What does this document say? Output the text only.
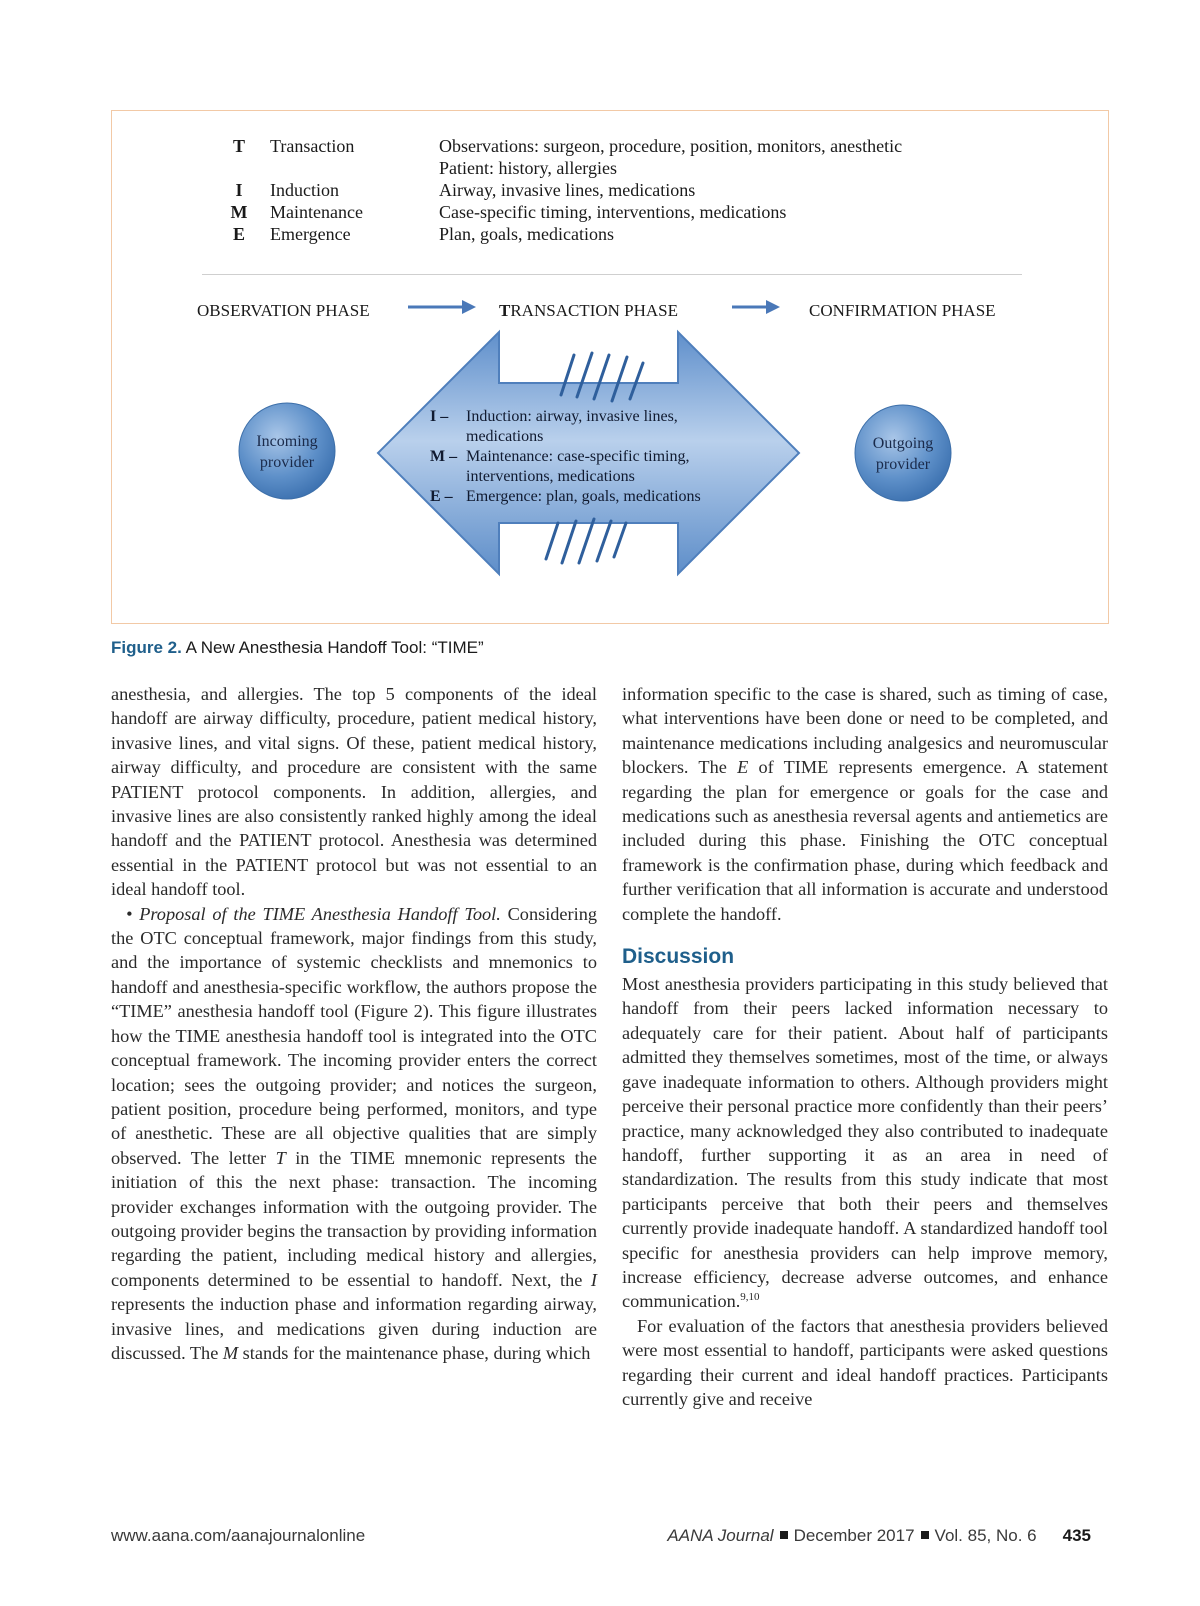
T Transaction	Observations: surgeon, procedure, position, monitors, anesthetic
Patient: history, allergies
I	Induction	Airway, invasive lines, medications
M Maintenance	Case-specific timing, interventions, medications
E Emergence	Plan, goals, medications
OBSERVATION PHASE	TRANSACTION PHASE	CONFIRMATION PHASE
Incoming
provider
Outgoing
provider
I – Induction: airway, invasive lines,
medications
M – Maintenance: case-specific timing,
interventions, medications
E – Emergence: plan, goals, medications
Figure 2. A New Anesthesia Handoff Tool: “TIME”

anesthesia, and allergies. The top 5 components of the ideal handoff are airway difficulty, procedure, patient medical history, invasive lines, and vital signs. Of these, patient medical history, airway difficulty, and procedure are consistent with the same PATIENT protocol components. In addition, allergies, and invasive lines are also consistently ranked highly among the ideal handoff and the PATIENT protocol. Anesthesia was determined essential in the PATIENT protocol but was not essential to an ideal handoff tool.

• Proposal of the TIME Anesthesia Handoff Tool. Considering the OTC conceptual framework, major findings from this study, and the importance of systemic checklists and mnemonics to handoff and anesthesia-specific workflow, the authors propose the “TIME” anesthesia handoff tool (Figure 2). This figure illustrates how the TIME anesthesia handoff tool is integrated into the OTC conceptual framework. The incoming provider enters the correct location; sees the outgoing provider; and notices the surgeon, patient position, procedure being performed, monitors, and type of anesthetic. These are all objective qualities that are simply observed. The letter T in the TIME mnemonic represents the initiation of this the next phase: transaction. The incoming provider exchanges information with the outgoing provider. The outgoing provider begins the transaction by providing information regarding the patient, including medical history and allergies, components determined to be essential to handoff. Next, the I represents the induction phase and information regarding airway, invasive lines, and medications given during induction are discussed. The M stands for the maintenance phase, during which

information specific to the case is shared, such as timing of case, what interventions have been done or need to be completed, and maintenance medications including analgesics and neuromuscular blockers. The E of TIME represents emergence. A statement regarding the plan for emergence or goals for the case and medications such as anesthesia reversal agents and antiemetics are included during this phase. Finishing the OTC conceptual framework is the confirmation phase, during which feedback and further verification that all information is accurate and understood complete the handoff.

Discussion

Most anesthesia providers participating in this study believed that handoff from their peers lacked information necessary to adequately care for their patient. About half of participants admitted they themselves sometimes, most of the time, or always gave inadequate information to others. Although providers might perceive their personal practice more confidently than their peers’ practice, many acknowledged they also contributed to inadequate handoff, further supporting it as an area in need of standardization. The results from this study indicate that most participants perceive that both their peers and themselves currently provide inadequate handoff. A standardized handoff tool specific for anesthesia providers can help improve memory, increase efficiency, decrease adverse outcomes, and enhance communication.$^{9,10}$

For evaluation of the factors that anesthesia providers believed were most essential to handoff, participants were asked questions regarding their current and ideal handoff practices. Participants currently give and receive

www.aana.com/aanajournalonline	AANA Journal December 2017 Vol. 85, No. 6 435
